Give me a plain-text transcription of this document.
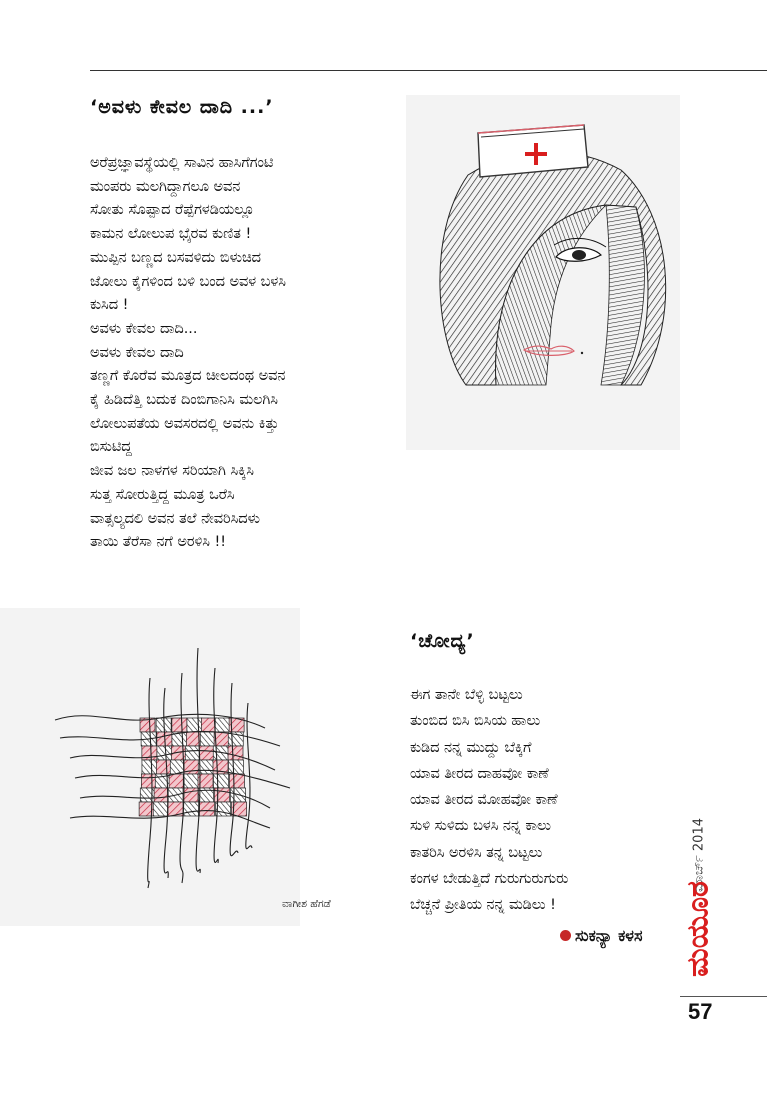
‘ಅವಳು ಕೇವಲ ದಾದಿ ...’
ಅರೆಪ್ರಜ್ಞಾವಸ್ಥೆಯಲ್ಲಿ ಸಾವಿನ ಹಾಸಿಗೆಗಂಟಿ
ಮಂಪರು ಮಲಗಿದ್ದಾಗಲೂ ಅವನ
ಸೋತು ಸೊಪ್ಪಾದ ರೆಪ್ಪೆಗಳಡಿಯಲ್ಲೂ
ಕಾಮನ ಲೋಲುಪ ಭೈರವ ಕುಣಿತ !
ಮುಪ್ಪಿನ ಬಣ್ಣದ ಬಸವಳಿದು ಬಿಳುಚಿದ
ಜೋಲು ಕೈಗಳಿಂದ ಬಳಿ ಬಂದ ಅವಳ ಬಳಸಿ
ಕುಸಿದ !
ಅವಳು ಕೇವಲ ದಾದಿ...
ಅವಳು ಕೇವಲ ದಾದಿ
ತಣ್ಣಗೆ ಕೊರೆವ ಮೂತ್ರದ ಚೀಲದಂಥ ಅವನ
ಕೈ ಹಿಡಿದೆತ್ತಿ ಬದುಕ ದಿಂಬಿಗಾನಿಸಿ ಮಲಗಿಸಿ
ಲೋಲುಪತೆಯ ಅವಸರದಲ್ಲಿ ಅವನು ಕಿತ್ತು
ಬಿಸುಟಿದ್ದ
ಜೀವ ಜಲ ನಾಳಗಳ ಸರಿಯಾಗಿ ಸಿಕ್ಕಿಸಿ
ಸುತ್ತ ಸೋರುತ್ತಿದ್ದ ಮೂತ್ರ ಒರೆಸಿ
ವಾತ್ಸಲ್ಯದಲಿ ಅವನ ತಲೆ ನೇವರಿಸಿದಳು
ತಾಯಿ ತೆರೆಸಾ ನಗೆ ಅರಳಿಸಿ !!
ವಾಗೀಶ ಹೆಗಡೆ
‘ಚೋದ್ಯ’
ಈಗ ತಾನೇ ಬೆಳ್ಳಿ ಬಟ್ಟಲು
ತುಂಬಿದ ಬಿಸಿ ಬಿಸಿಯ ಹಾಲು
ಕುಡಿದ ನನ್ನ ಮುದ್ದು ಬೆಕ್ಕಿಗೆ
ಯಾವ ತೀರದ ದಾಹವೋ ಕಾಣೆ
ಯಾವ ತೀರದ ಮೋಹವೋ ಕಾಣೆ
ಸುಳಿ ಸುಳಿದು ಬಳಸಿ ನನ್ನ ಕಾಲು
ಕಾತರಿಸಿ ಅರಳಿಸಿ ತನ್ನ ಬಟ್ಟಲು
ಕಂಗಳ ಬೇಡುತ್ತಿದೆ ಗುರುಗುರುಗುರು
ಬೆಚ್ಚನೆ ಪ್ರೀತಿಯ ನನ್ನ ಮಡಿಲು !
ಸುಕನ್ಯಾ ಕಳಸ
ಮಾರ್ಚ್ 2014
ಮಯೂರ
57
